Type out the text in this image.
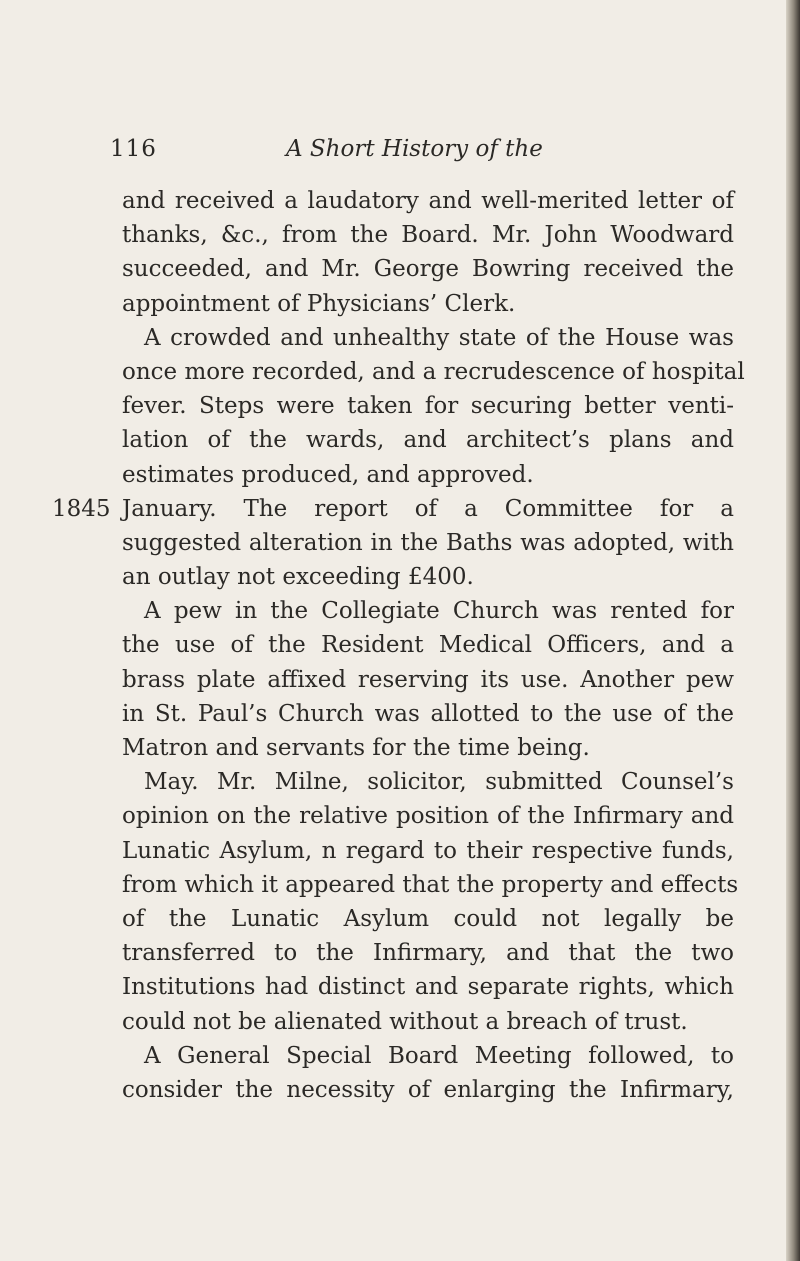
116	A Short History of the
and received a laudatory and well-merited letter of
thanks, &c., from the Board. Mr. John Woodward
succeeded, and Mr. George Bowring received the
appointment of Physicians’ Clerk.
A crowded and unhealthy state of the House was
once more recorded, and a recrudescence of hospital
fever. Steps were taken for securing better venti-
lation of the wards, and architect’s plans and
estimates produced, and approved.
1845 January. The report of a Committee for a
suggested alteration in the Baths was adopted, with
an outlay not exceeding £400.
A pew in the Collegiate Church was rented for
the use of the Resident Medical Officers, and a
brass plate affixed reserving its use. Another pew
in St. Paul’s Church was allotted to the use of the
Matron and servants for the time being.
May. Mr. Milne, solicitor, submitted Counsel’s
opinion on the relative position of the Infirmary and
Lunatic Asylum, n regard to their respective funds,
from which it appeared that the property and effects
of the Lunatic Asylum could not legally be
transferred to the Infirmary, and that the two
Institutions had distinct and separate rights, which
could not be alienated without a breach of trust.
A General Special Board Meeting followed, to
consider the necessity of enlarging the Infirmary,
